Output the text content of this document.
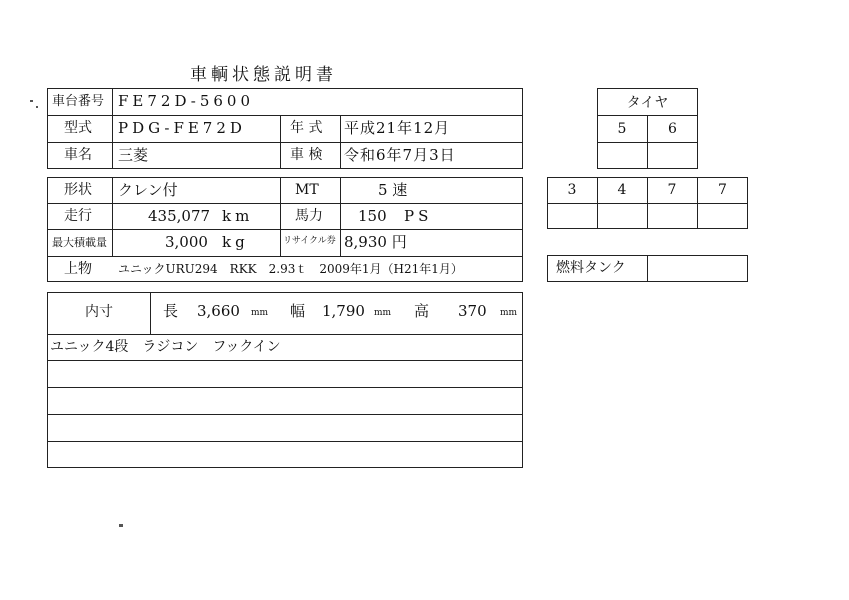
車輌状態説明書
車台番号 FE72D-5600
型式 PDG-FE72D	年 式 平成21年12月
車名 三菱	車 検 令和6年7月3日
形状 クレン付	MT	5 速
走行	435,077 km	馬力 150 PS
最大積載量	3,000 kg	リサイクル券 8,930 円
上物 ユニックURU294　RKK　2.93ｔ　2009年1月（H21年1月）
内寸	長 3,660 mm 幅 1,790 mm 高 370 mm
ユニック4段　ラジコン　フックイン
タイヤ
5	6
3	4	7	7
燃料タンク
